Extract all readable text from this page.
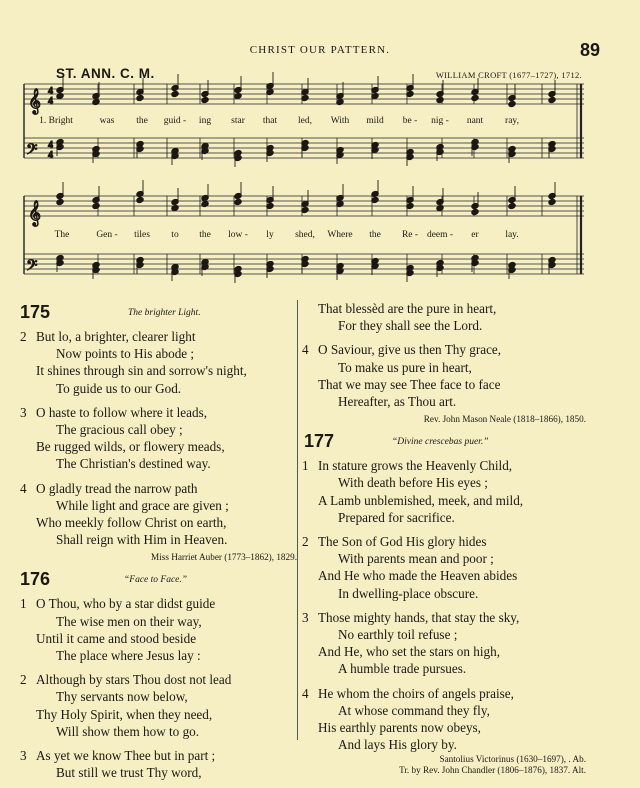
CHRIST OUR PATTERN.	89
ST. ANN. C. M.	WILLIAM CROFT (1677–1727), 1712.
𝄞
𝄞
𝄢
𝄢
4
4
4
4
1. Bright	was the guid - ing star that led, With mild be - nig - nant ray,
The	Gen - tiles to the low - ly shed, Where the Re - deem - er	lay.
175	The brighter Light.
2 But lo, a brighter, clearer light
Now points to His abode ;
It shines through sin and sorrow's night,
To guide us to our God.
3 O haste to follow where it leads,
The gracious call obey ;
Be rugged wilds, or flowery meads,
The Christian's destined way.
4 O gladly tread the narrow path
While light and grace are given ;
Who meekly follow Christ on earth,
Shall reign with Him in Heaven.
Miss Harriet Auber (1773–1862), 1829.
176	“Face to Face.”
1 O Thou, who by a star didst guide
The wise men on their way,
Until it came and stood beside
The place where Jesus lay :
2 Although by stars Thou dost not lead
Thy servants now below,
Thy Holy Spirit, when they need,
Will show them how to go.
3 As yet we know Thee but in part ;
But still we trust Thy word,
That blessèd are the pure in heart,
For they shall see the Lord.
4 O Saviour, give us then Thy grace,
To make us pure in heart,
That we may see Thee face to face
Hereafter, as Thou art.
Rev. John Mason Neale (1818–1866), 1850.
177	“Divine crescebas puer.”
1 In stature grows the Heavenly Child,
With death before His eyes ;
A Lamb unblemished, meek, and mild,
Prepared for sacrifice.
2 The Son of God His glory hides
With parents mean and poor ;
And He who made the Heaven abides
In dwelling-place obscure.
3 Those mighty hands, that stay the sky,
No earthly toil refuse ;
And He, who set the stars on high,
A humble trade pursues.
4 He whom the choirs of angels praise,
At whose command they fly,
His earthly parents now obeys,
And lays His glory by.
Santolius Victorinus (1630–1697), . Ab.
Tr. by Rev. John Chandler (1806–1876), 1837. Alt.
